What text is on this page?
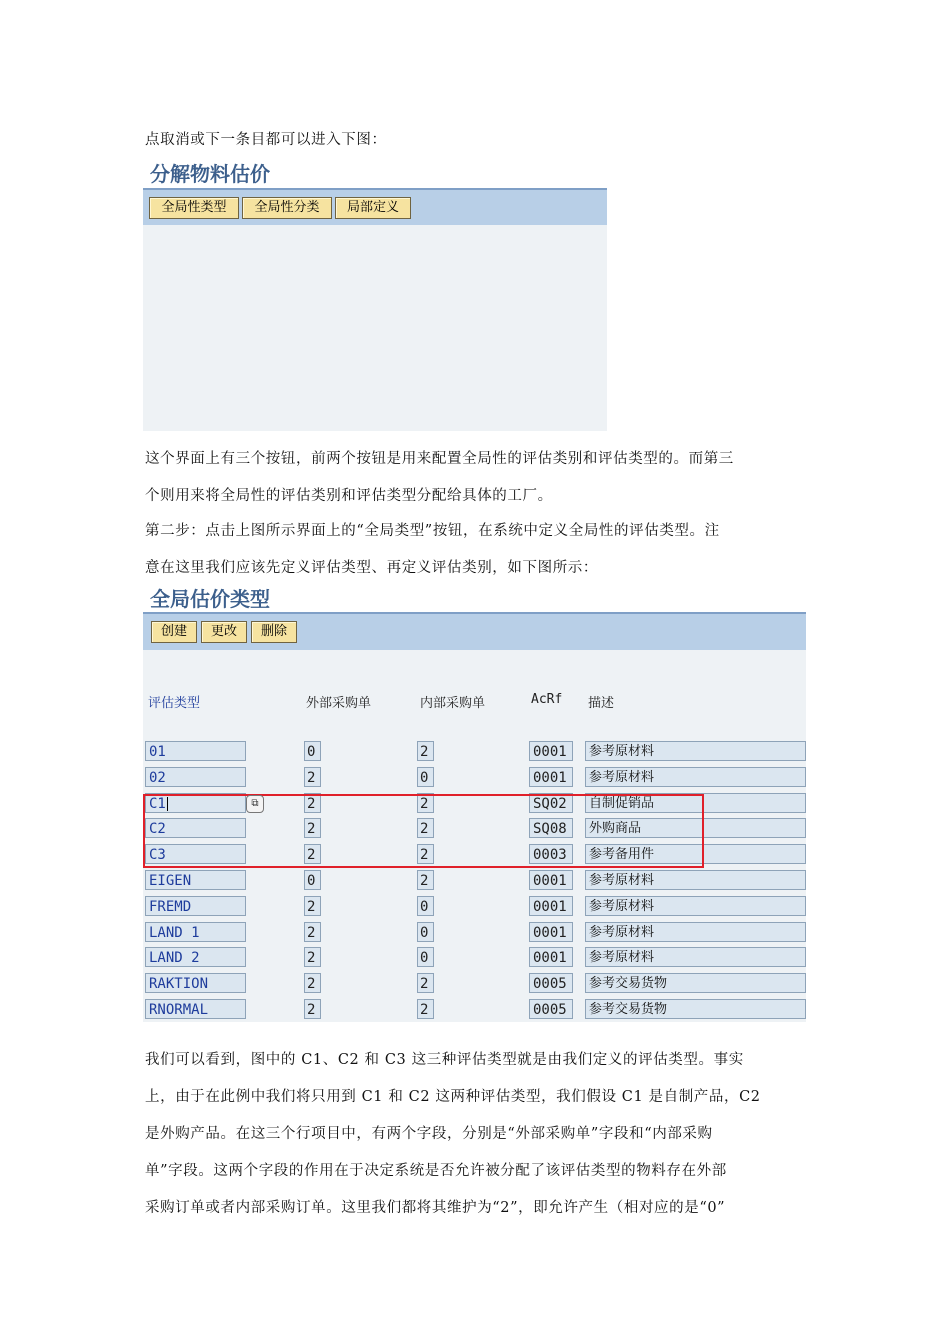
点取消或下一条目都可以进入下图：
分解物料估价
全局性类型	全局性分类	局部定义
这个界面上有三个按钮，前两个按钮是用来配置全局性的评估类别和评估类型的。而第三
个则用来将全局性的评估类别和评估类型分配给具体的工厂。
第二步：点击上图所示界面上的“全局类型”按钮，在系统中定义全局性的评估类型。注
意在这里我们应该先定义评估类型、再定义评估类别，如下图所示：
全局估价类型
创建	更改	删除
评估类型	外部采购单	内部采购单	AcRf 描述
01	0	2	0001	参考原材料
02	2	0	0001	参考原材料
C1	2	2	SQ02	自制促销品
C2	2	2	SQ08	外购商品
C3	2	2	0003	参考备用件
EIGEN	0	2	0001	参考原材料
FREMD	2	0	0001	参考原材料
LAND 1	2	0	0001	参考原材料
LAND 2	2	0	0001	参考原材料
RAKTION	2	2	0005	参考交易货物
RNORMAL	2	2	0005	参考交易货物
⧉
我们可以看到，图中的 C1、C2 和 C3 这三种评估类型就是由我们定义的评估类型。事实
上，由于在此例中我们将只用到 C1 和 C2 这两种评估类型，我们假设 C1 是自制产品，C2
是外购产品。在这三个行项目中，有两个字段，分别是“外部采购单”字段和“内部采购
单”字段。这两个字段的作用在于决定系统是否允许被分配了该评估类型的物料存在外部
采购订单或者内部采购订单。这里我们都将其维护为“2”，即允许产生（相对应的是“0”
